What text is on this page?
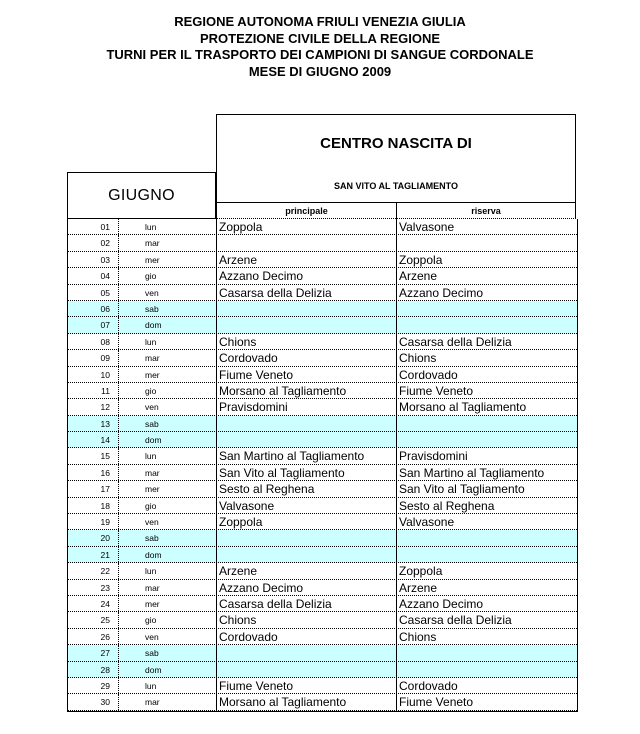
REGIONE AUTONOMA FRIULI VENEZIA GIULIA
PROTEZIONE CIVILE DELLA REGIONE
TURNI PER IL TRASPORTO DEI CAMPIONI DI SANGUE CORDONALE
MESE DI GIUGNO 2009
CENTRO NASCITA DI
SAN VITO AL TAGLIAMENTO
GIUGNO
principale	riserva
01	lun	Zoppola	Valvasone
02	mar
03	mer	Arzene	Zoppola
04	gio	Azzano Decimo	Arzene
05	ven	Casarsa della Delizia	Azzano Decimo
06	sab
07	dom
08	lun	Chions	Casarsa della Delizia
09	mar	Cordovado	Chions
10	mer	Fiume Veneto	Cordovado
11	gio	Morsano al Tagliamento	Fiume Veneto
12	ven	Pravisdomini	Morsano al Tagliamento
13	sab
14	dom
15	lun	San Martino al Tagliamento	Pravisdomini
16	mar	San Vito al Tagliamento	San Martino al Tagliamento
17	mer	Sesto al Reghena	San Vito al Tagliamento
18	gio	Valvasone	Sesto al Reghena
19	ven	Zoppola	Valvasone
20	sab
21	dom
22	lun	Arzene	Zoppola
23	mar	Azzano Decimo	Arzene
24	mer	Casarsa della Delizia	Azzano Decimo
25	gio	Chions	Casarsa della Delizia
26	ven	Cordovado	Chions
27	sab
28	dom
29	lun	Fiume Veneto	Cordovado
30	mar	Morsano al Tagliamento	Fiume Veneto
